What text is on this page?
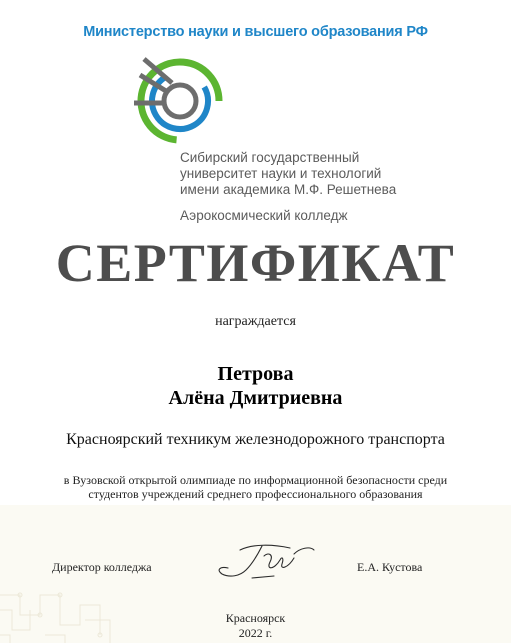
Министерство науки и высшего образования РФ
Сибирский государственный
университет науки и технологий
имени академика М.Ф. Решетнева
Аэрокосмический колледж
СЕРТИФИКАТ
награждается
Петрова
Алёна Дмитриевна
Красноярский техникум железнодорожного транспорта
в Вузовской открытой олимпиаде по информационной безопасности среди
студентов учреждений среднего профессионального образования
Директор колледжа	Е.А. Кустова
Красноярск
2022 г.
